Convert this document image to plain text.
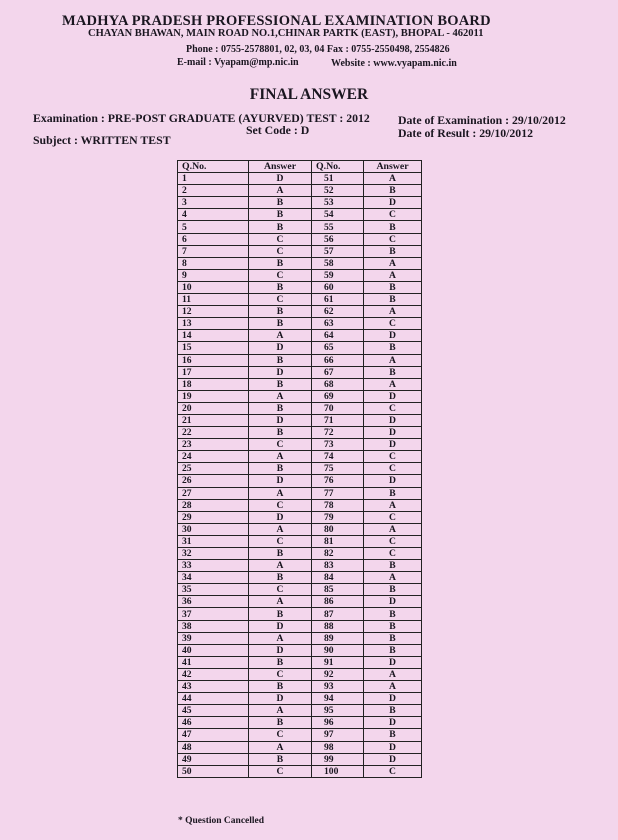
MADHYA PRADESH PROFESSIONAL EXAMINATION BOARD
CHAYAN BHAWAN, MAIN ROAD NO.1,CHINAR PARTK (EAST), BHOPAL - 462011
Phone : 0755-2578801, 02, 03, 04 Fax : 0755-2550498, 2554826
E-mail : Vyapam@mp.nic.in	Website : www.vyapam.nic.in
FINAL ANSWER
Examination : PRE-POST GRADUATE (AYURVED) TEST : 2012
Set Code : D
Subject : WRITTEN TEST
Date of Examination : 29/10/2012
Date of Result : 29/10/2012
Q.No.	Answer	Q.No.	Answer
1	D	51	A
2	A	52	B
3	B	53	D
4	B	54	C
5	B	55	B
6	C	56	C
7	C	57	B
8	B	58	A
9	C	59	A
10	B	60	B
11	C	61	B
12	B	62	A
13	B	63	C
14	A	64	D
15	D	65	B
16	B	66	A
17	D	67	B
18	B	68	A
19	A	69	D
20	B	70	C
21	D	71	D
22	B	72	D
23	C	73	D
24	A	74	C
25	B	75	C
26	D	76	D
27	A	77	B
28	C	78	A
29	D	79	C
30	A	80	A
31	C	81	C
32	B	82	C
33	A	83	B
34	B	84	A
35	C	85	B
36	A	86	D
37	B	87	B
38	D	88	B
39	A	89	B
40	D	90	B
41	B	91	D
42	C	92	A
43	B	93	A
44	D	94	D
45	A	95	B
46	B	96	D
47	C	97	B
48	A	98	D
49	B	99	D
50	C	100	C
* Question Cancelled
